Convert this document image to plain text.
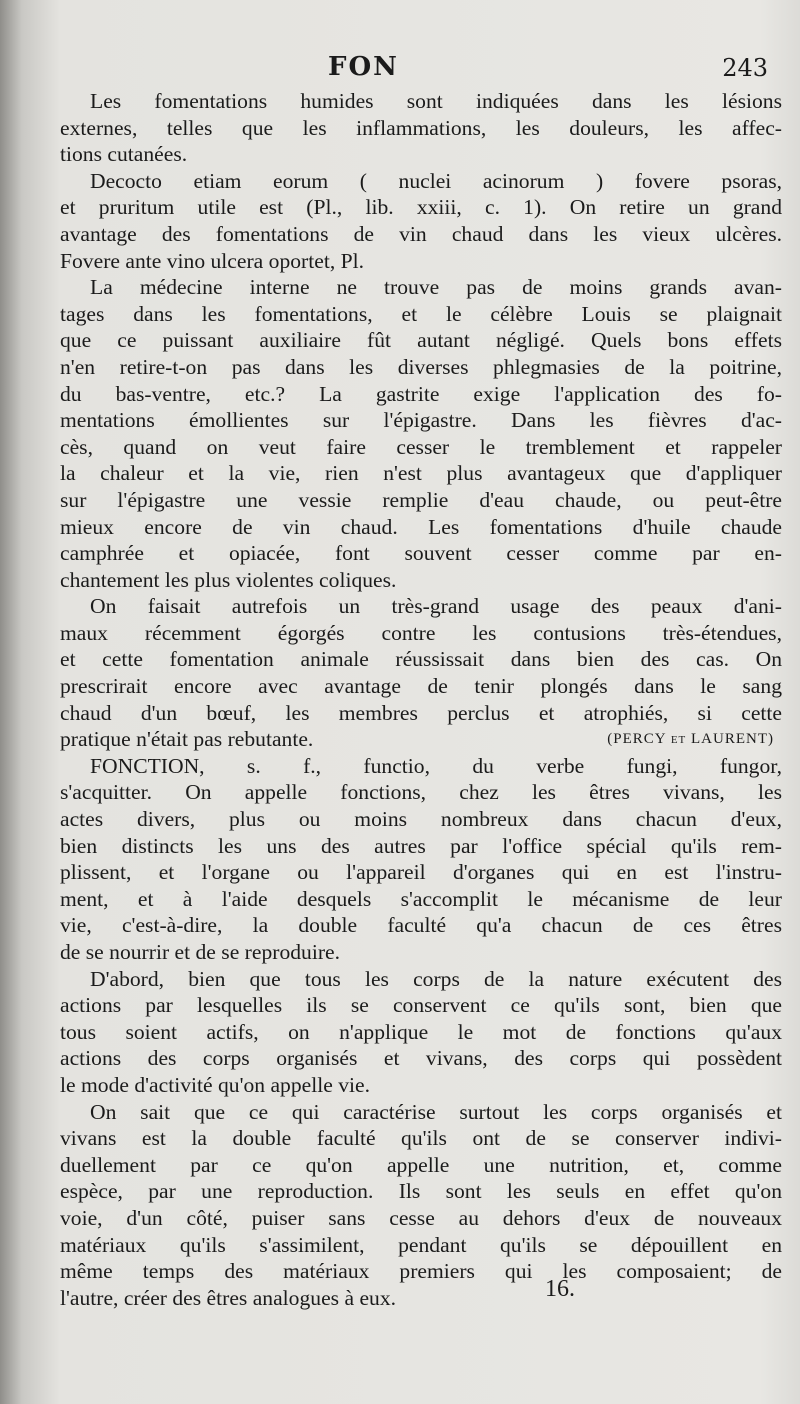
FON	243

Les fomentations humides sont indiquées dans les lésions
externes, telles que les inflammations, les douleurs, les affec-
tions cutanées.

Decocto etiam eorum ( nuclei acinorum ) fovere psoras,
et pruritum utile est (Pl., lib. xxiii, c. 1). On retire un grand
avantage des fomentations de vin chaud dans les vieux ulcères.
Fovere ante vino ulcera oportet, Pl.

La médecine interne ne trouve pas de moins grands avan-
tages dans les fomentations, et le célèbre Louis se plaignait
que ce puissant auxiliaire fût autant négligé. Quels bons effets
n'en retire-t-on pas dans les diverses phlegmasies de la poitrine,
du bas-ventre, etc.? La gastrite exige l'application des fo-
mentations émollientes sur l'épigastre. Dans les fièvres d'ac-
cès, quand on veut faire cesser le tremblement et rappeler
la chaleur et la vie, rien n'est plus avantageux que d'appliquer
sur l'épigastre une vessie remplie d'eau chaude, ou peut-être
mieux encore de vin chaud. Les fomentations d'huile chaude
camphrée et opiacée, font souvent cesser comme par en-
chantement les plus violentes coliques.

On faisait autrefois un très-grand usage des peaux d'ani-
maux récemment égorgés contre les contusions très-étendues,
et cette fomentation animale réussissait dans bien des cas. On
prescrirait encore avec avantage de tenir plongés dans le sang
chaud d'un bœuf, les membres perclus et atrophiés, si cette
pratique n'était pas rebutante.	(PERCY et LAURENT)

FONCTION, s. f., functio, du verbe fungi, fungor,
s'acquitter. On appelle fonctions, chez les êtres vivans, les
actes divers, plus ou moins nombreux dans chacun d'eux,
bien distincts les uns des autres par l'office spécial qu'ils rem-
plissent, et l'organe ou l'appareil d'organes qui en est l'instru-
ment, et à l'aide desquels s'accomplit le mécanisme de leur
vie, c'est-à-dire, la double faculté qu'a chacun de ces êtres
de se nourrir et de se reproduire.

D'abord, bien que tous les corps de la nature exécutent des
actions par lesquelles ils se conservent ce qu'ils sont, bien que
tous soient actifs, on n'applique le mot de fonctions qu'aux
actions des corps organisés et vivans, des corps qui possèdent
le mode d'activité qu'on appelle vie.

On sait que ce qui caractérise surtout les corps organisés et
vivans est la double faculté qu'ils ont de se conserver indivi-
duellement par ce qu'on appelle une nutrition, et, comme
espèce, par une reproduction. Ils sont les seuls en effet qu'on
voie, d'un côté, puiser sans cesse au dehors d'eux de nouveaux
matériaux qu'ils s'assimilent, pendant qu'ils se dépouillent en
même temps des matériaux premiers qui les composaient; de
l'autre, créer des êtres analogues à eux.	16.
